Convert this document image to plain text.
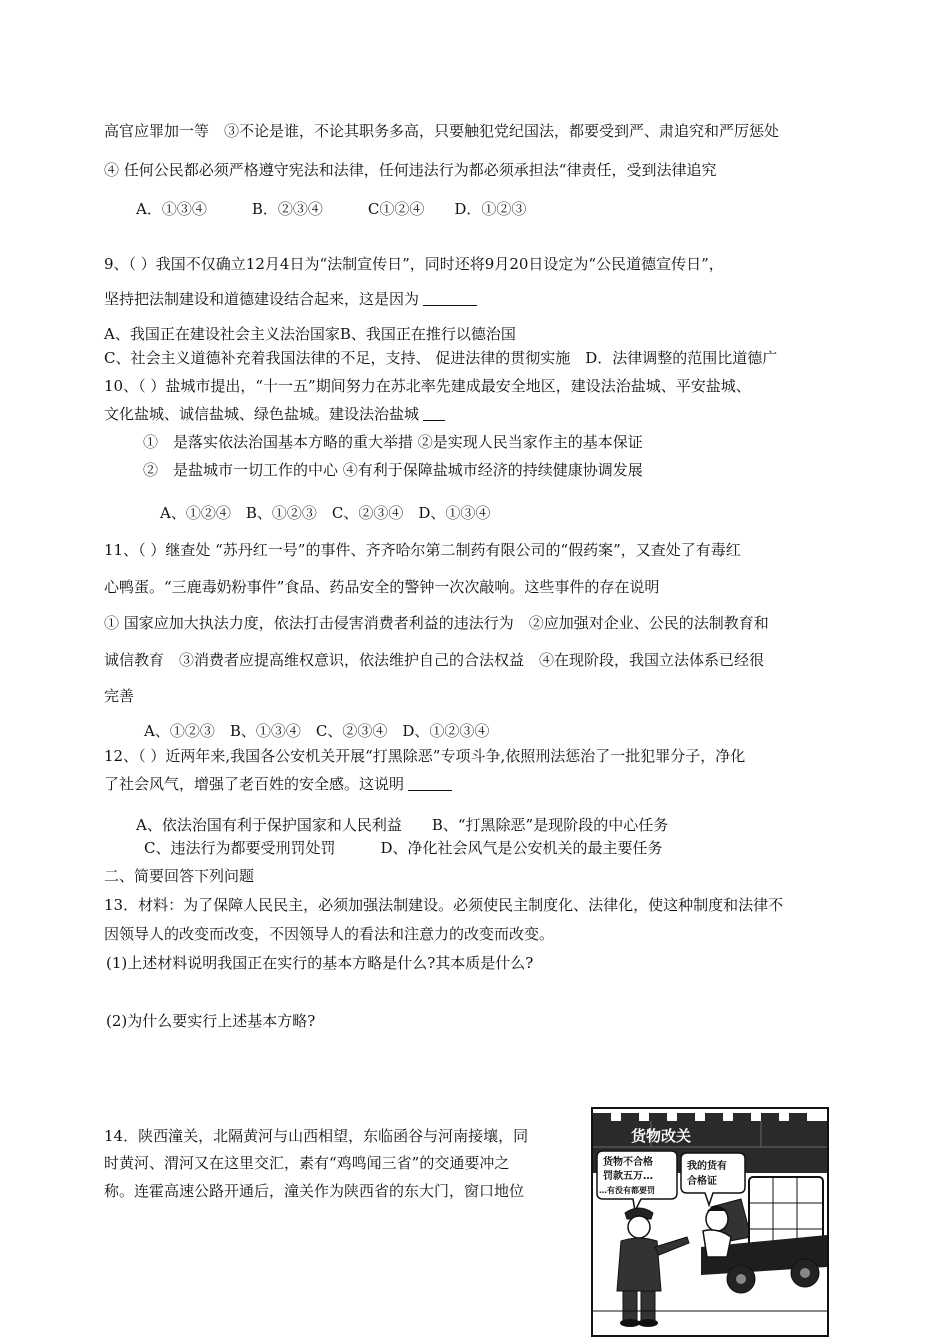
高官应罪加一等　③不论是谁，不论其职务多高，只要触犯党纪国法，都要受到严、肃追究和严厉惩处
④ 任何公民都必须严格遵守宪法和法律，任何违法行为都必须承担法“律责任，受到法律追究
A．①③④　　　B．②③④　　　C①②④　　D．①②③
9、（ ）我国不仅确立12月4日为“法制宣传日”，同时还将9月20日设定为“公民道德宣传日”，
坚持把法制建设和道德建设结合起来，这是因为
A、我国正在建设社会主义法治国家B、我国正在推行以德治国
C、社会主义道德补充着我国法律的不足，支持、 促进法律的贯彻实施　D．法律调整的范围比道德广
10、（ ）盐城市提出，“十一五”期间努力在苏北率先建成最安全地区，建设法治盐城、平安盐城、
文化盐城、诚信盐城、绿色盐城。建设法治盐城
①　是落实依法治国基本方略的重大举措 ②是实现人民当家作主的基本保证
②　是盐城市一切工作的中心 ④有利于保障盐城市经济的持续健康协调发展
A、①②④　B、①②③　C、②③④　D、①③④
11、（ ）继查处 “苏丹红一号”的事件、齐齐哈尔第二制药有限公司的“假药案”，又查处了有毒红
心鸭蛋。“三鹿毒奶粉事件”食品、药品安全的警钟一次次敲响。这些事件的存在说明
① 国家应加大执法力度，依法打击侵害消费者利益的违法行为　②应加强对企业、公民的法制教育和
诚信教育　③消费者应提高维权意识，依法维护自己的合法权益　④在现阶段，我国立法体系已经很
完善
A、①②③　B、①③④　C、②③④　D、①②③④
12、（ ）近两年来,我国各公安机关开展“打黑除恶”专项斗争,依照刑法惩治了一批犯罪分子，净化
了社会风气，增强了老百姓的安全感。这说明
A、依法治国有利于保护国家和人民利益　　B、“打黑除恶”是现阶段的中心任务
C、违法行为都要受刑罚处罚　　　D、净化社会风气是公安机关的最主要任务
二、简要回答下列问题
13．材料：为了保障人民民主，必须加强法制建设。必须使民主制度化、法律化，使这种制度和法律不
因领导人的改变而改变，不因领导人的看法和注意力的改变而改变。
(1)上述材料说明我国正在实行的基本方略是什么?其本质是什么?
(2)为什么要实行上述基本方略?
14．陕西潼关，北隔黄河与山西相望，东临函谷与河南接壤，同
时黄河、渭河又在这里交汇，素有“鸡鸣闻三省”的交通要冲之
称。连霍高速公路开通后，潼关作为陕西省的东大门，窗口地位
货物改关
货物不合格
罚款五万…
…有没有都要罚
我的货有
合格证
